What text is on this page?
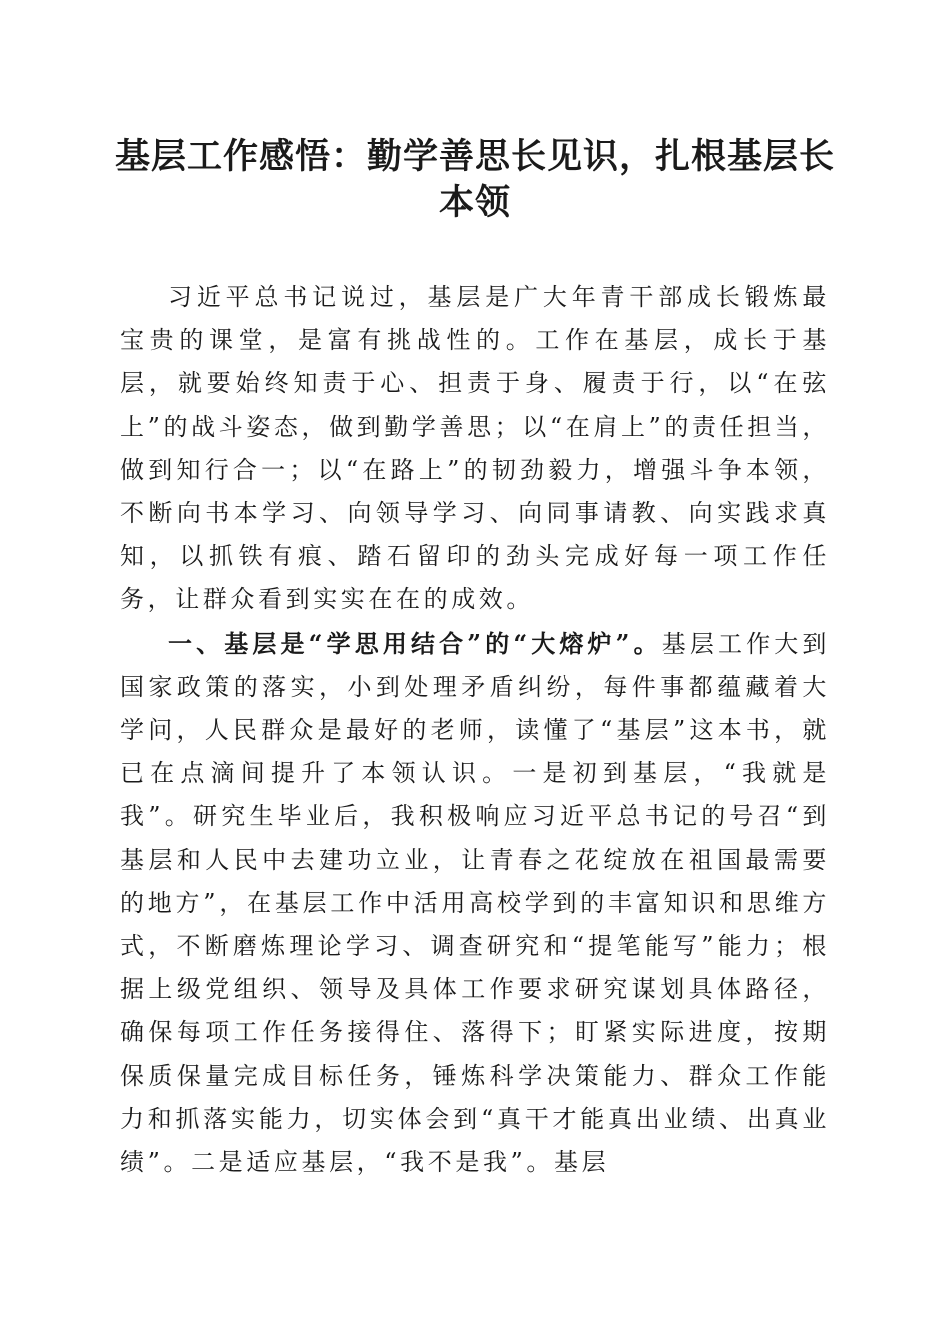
基层工作感悟：勤学善思长见识，扎根基层长
本领

习近平总书记说过，基层是广大年青干部成长锻炼最宝贵的课堂，是富有挑战性的。工作在基层，成长于基层，就要始终知责于心、担责于身、履责于行，以“在弦上”的战斗姿态，做到勤学善思；以“在肩上”的责任担当，做到知行合一；以“在路上”的韧劲毅力，增强斗争本领，不断向书本学习、向领导学习、向同事请教、向实践求真知，以抓铁有痕、踏石留印的劲头完成好每一项工作任务，让群众看到实实在在的成效。

一、基层是“学思用结合”的“大熔炉”。基层工作大到国家政策的落实，小到处理矛盾纠纷，每件事都蕴藏着大学问，人民群众是最好的老师，读懂了“基层”这本书，就已在点滴间提升了本领认识。一是初到基层，“我就是我”。研究生毕业后，我积极响应习近平总书记的号召“到基层和人民中去建功立业，让青春之花绽放在祖国最需要的地方”，在基层工作中活用高校学到的丰富知识和思维方式，不断磨炼理论学习、调查研究和“提笔能写”能力；根据上级党组织、领导及具体工作要求研究谋划具体路径，确保每项工作任务接得住、落得下；盯紧实际进度，按期保质保量完成目标任务，锤炼科学决策能力、群众工作能力和抓落实能力，切实体会到“真干才能真出业绩、出真业绩”。二是适应基层，“我不是我”。基层
